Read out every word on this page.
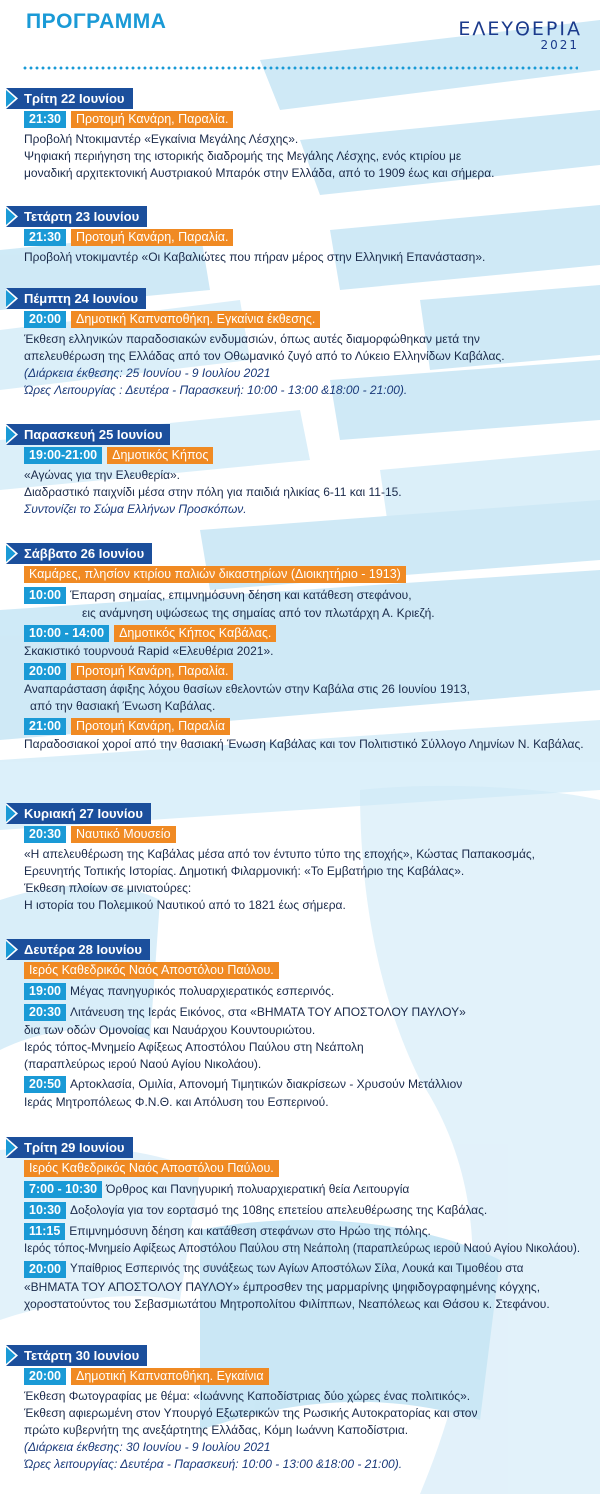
ΠΡΟΓΡΑΜΜΑ	ΕΛΕΥΘΕΡΙΑ
2021
Τρίτη 22 Ιουνίου
21:30 Προτομή Κανάρη, Παραλία.
Προβολή Ντοκιμαντέρ «Εγκαίνια Μεγάλης Λέσχης».
Ψηφιακή περιήγηση της ιστορικής διαδρομής της Μεγάλης Λέσχης, ενός κτιρίου με
μοναδική αρχιτεκτονική Αυστριακού Μπαρόκ στην Ελλάδα, από το 1909 έως και σήμερα.
Τετάρτη 23 Ιουνίου
21:30 Προτομή Κανάρη, Παραλία.
Προβολή ντοκιμαντέρ «Οι Καβαλιώτες που πήραν μέρος στην Ελληνική Επανάσταση».
Πέμπτη 24 Ιουνίου
20:00 Δημοτική Καπναποθήκη. Εγκαίνια έκθεσης.
Έκθεση ελληνικών παραδοσιακών ενδυμασιών, όπως αυτές διαμορφώθηκαν μετά την
απελευθέρωση της Ελλάδας από τον Οθωμανικό ζυγό από το Λύκειο Ελληνίδων Καβάλας.
(Διάρκεια έκθεσης: 25 Ιουνίου - 9 Ιουλίου 2021
Ώρες Λειτουργίας : Δευτέρα - Παρασκευή: 10:00 - 13:00 &18:00 - 21:00).
Παρασκευή 25 Ιουνίου
19:00-21:00 Δημοτικός Κήπος
«Αγώνας για την Ελευθερία».
Διαδραστικό παιχνίδι μέσα στην πόλη για παιδιά ηλικίας 6-11 και 11-15.
Συντονίζει το Σώμα Ελλήνων Προσκόπων.
Σάββατο 26 Ιουνίου
Καμάρες, πλησίον κτιρίου παλιών δικαστηρίων (Διοικητήριο - 1913)
10:00 Έπαρση σημαίας, επιμνημόσυνη δέηση και κατάθεση στεφάνου,
εις ανάμνηση υψώσεως της σημαίας από τον πλωτάρχη Α. Κριεζή.
10:00 - 14:00 Δημοτικός Κήπος Καβάλας.
Σκακιστικό τουρνουά Rapid «Ελευθέρια 2021».
20:00 Προτομή Κανάρη, Παραλία.
Αναπαράσταση άφιξης λόχου θασίων εθελοντών στην Καβάλα στις 26 Ιουνίου 1913,
από την θασιακή Ένωση Καβάλας.
21:00 Προτομή Κανάρη, Παραλία
Παραδοσιακοί χοροί από την θασιακή Ένωση Καβάλας και τον Πολιτιστικό Σύλλογο Λημνίων Ν. Καβάλας.
Κυριακή 27 Ιουνίου
20:30 Ναυτικό Μουσείο
«Η απελευθέρωση της Καβάλας μέσα από τον έντυπο τύπο της εποχής», Κώστας Παπακοσμάς,
Ερευνητής Τοπικής Ιστορίας. Δημοτική Φιλαρμονική: «Το Εμβατήριο της Καβάλας».
Έκθεση πλοίων σε μινιατούρες:
Η ιστορία του Πολεμικού Ναυτικού από το 1821 έως σήμερα.
Δευτέρα 28 Ιουνίου
Ιερός Καθεδρικός Ναός Αποστόλου Παύλου.
19:00 Μέγας πανηγυρικός πολυαρχιερατικός εσπερινός.
20:30 Λιτάνευση της Ιεράς Εικόνος, στα «ΒΗΜΑΤΑ ΤΟΥ ΑΠΟΣΤΟΛΟΥ ΠΑΥΛΟΥ»
δια των οδών Ομονοίας και Ναυάρχου Κουντουριώτου.
Ιερός τόπος-Μνημείο Αφίξεως Αποστόλου Παύλου στη Νεάπολη
(παραπλεύρως ιερού Ναού Αγίου Νικολάου).
20:50 Αρτοκλασία, Ομιλία, Απονομή Τιμητικών διακρίσεων - Χρυσούν Μετάλλιον
Ιεράς Μητροπόλεως Φ.Ν.Θ. και Απόλυση του Εσπερινού.
Τρίτη 29 Ιουνίου
Ιερός Καθεδρικός Ναός Αποστόλου Παύλου.
7:00 - 10:30 Όρθρος και Πανηγυρική πολυαρχιερατική θεία Λειτουργία
10:30 Δοξολογία για τον εορτασμό της 108ης επετείου απελευθέρωσης της Καβάλας.
11:15 Επιμνημόσυνη δέηση και κατάθεση στεφάνων στο Ηρώο της πόλης.
Ιερός τόπος-Μνημείο Αφίξεως Αποστόλου Παύλου στη Νεάπολη (παραπλεύρως ιερού Ναού Αγίου Νικολάου).
20:00 Υπαίθριος Εσπερινός της συνάξεως των Αγίων Αποστόλων Σίλα, Λουκά και Τιμοθέου στα
«ΒΗΜΑΤΑ ΤΟΥ ΑΠΟΣΤΟΛΟΥ ΠΑΥΛΟΥ» έμπροσθεν της μαρμαρίνης ψηφιδογραφημένης κόγχης,
χοροστατούντος του Σεβασμιωτάτου Μητροπολίτου Φιλίππων, Νεαπόλεως και Θάσου κ. Στεφάνου.
Τετάρτη 30 Ιουνίου
20:00 Δημοτική Καπναποθήκη. Εγκαίνια
Έκθεση Φωτογραφίας με θέμα: «Ιωάννης Καποδίστριας δύο χώρες ένας πολιτικός».
Έκθεση αφιερωμένη στον Υπουργό Εξωτερικών της Ρωσικής Αυτοκρατορίας και στον
πρώτο κυβερνήτη της ανεξάρτητης Ελλάδας, Κόμη Ιωάννη Καποδίστρια.
(Διάρκεια έκθεσης: 30 Ιουνίου - 9 Ιουλίου 2021
Ώρες λειτουργίας: Δευτέρα - Παρασκευή: 10:00 - 13:00 &18:00 - 21:00).
